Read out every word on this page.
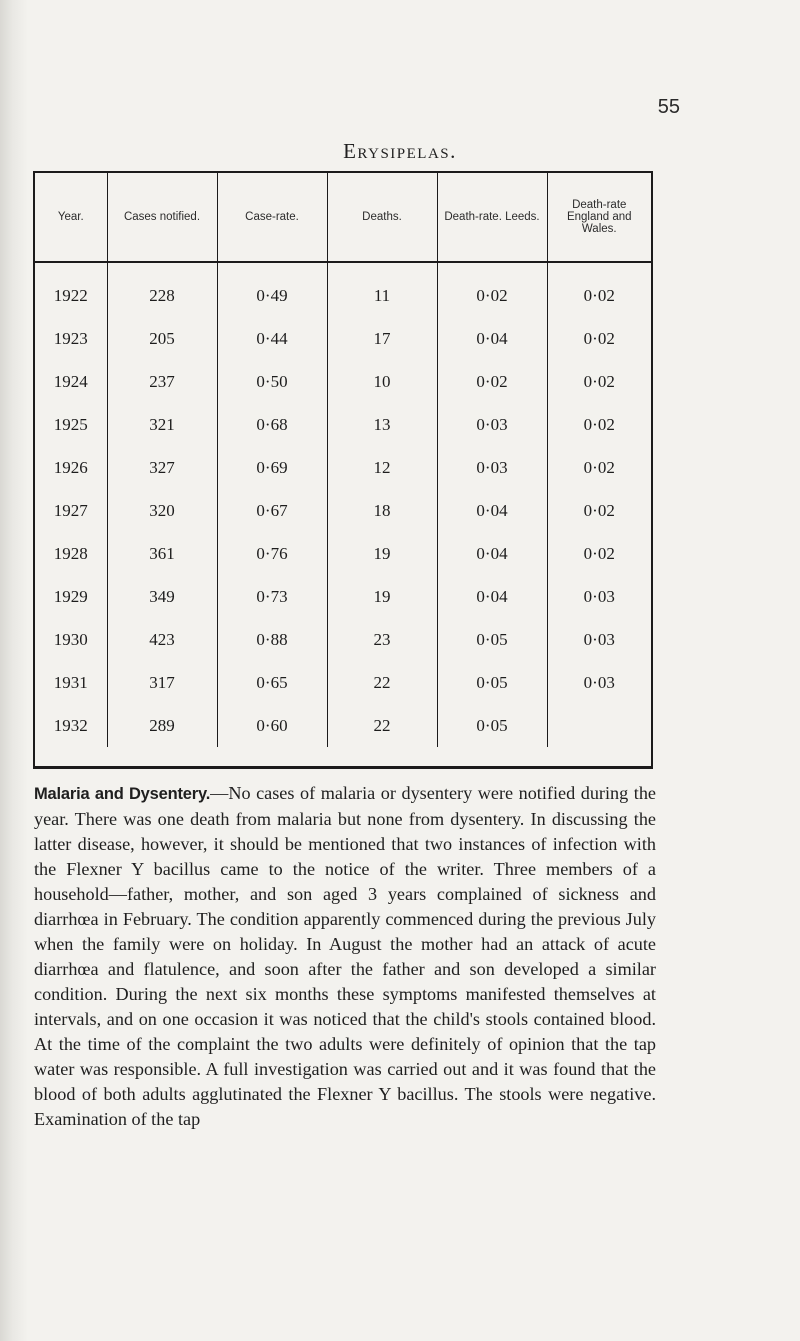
55
Erysipelas.
Year.	Cases notified.	Case-rate.	Deaths.	Death-rate. Leeds.	Death-rate England and Wales.
1922	228	0·49	11	0·02	0·02
1923	205	0·44	17	0·04	0·02
1924	237	0·50	10	0·02	0·02
1925	321	0·68	13	0·03	0·02
1926	327	0·69	12	0·03	0·02
1927	320	0·67	18	0·04	0·02
1928	361	0·76	19	0·04	0·02
1929	349	0·73	19	0·04	0·03
1930	423	0·88	23	0·05	0·03
1931	317	0·65	22	0·05	0·03
1932	289	0·60	22	0·05	

Malaria and Dysentery.—No cases of malaria or dysentery were notified during the year. There was one death from malaria but none from dysentery. In discussing the latter disease, however, it should be mentioned that two instances of infection with the Flexner Y bacillus came to the notice of the writer. Three members of a household—father, mother, and son aged 3 years complained of sickness and diarrhœa in February. The condition apparently commenced during the previous July when the family were on holiday. In August the mother had an attack of acute diarrhœa and flatulence, and soon after the father and son developed a similar condition. During the next six months these symptoms manifested themselves at intervals, and on one occasion it was noticed that the child's stools contained blood. At the time of the complaint the two adults were definitely of opinion that the tap water was responsible. A full investigation was carried out and it was found that the blood of both adults agglutinated the Flexner Y bacillus. The stools were negative. Examination of the tap
